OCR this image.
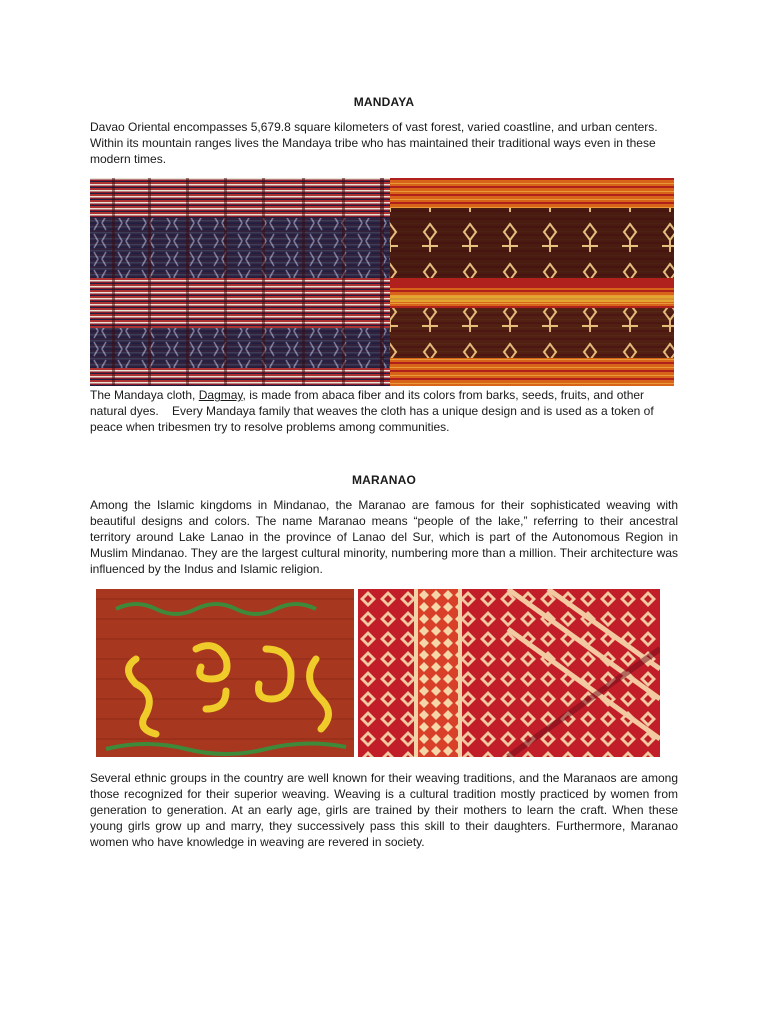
MANDAYA

Davao Oriental encompasses 5,679.8 square kilometers of vast forest, varied coastline, and urban centers. Within its mountain ranges lives the Mandaya tribe who has maintained their traditional ways even in these modern times.

The Mandaya cloth, Dagmay, is made from abaca fiber and its colors from barks, seeds, fruits, and other natural dyes.    Every Mandaya family that weaves the cloth has a unique design and is used as a token of peace when tribesmen try to resolve problems among communities.

MARANAO

Among the Islamic kingdoms in Mindanao, the Maranao are famous for their sophisticated weaving with beautiful designs and colors. The name Maranao means “people of the lake,” referring to their ancestral territory around Lake Lanao in the province of Lanao del Sur, which is part of the Autonomous Region in Muslim Mindanao. They are the largest cultural minority, numbering more than a million. Their architecture was influenced by the Indus and Islamic religion.

Several ethnic groups in the country are well known for their weaving traditions, and the Maranaos are among those recognized for their superior weaving. Weaving is a cultural tradition mostly practiced by women from generation to generation. At an early age, girls are trained by their mothers to learn the craft. When these young girls grow up and marry, they successively pass this skill to their daughters. Furthermore, Maranao women who have knowledge in weaving are revered in society.
